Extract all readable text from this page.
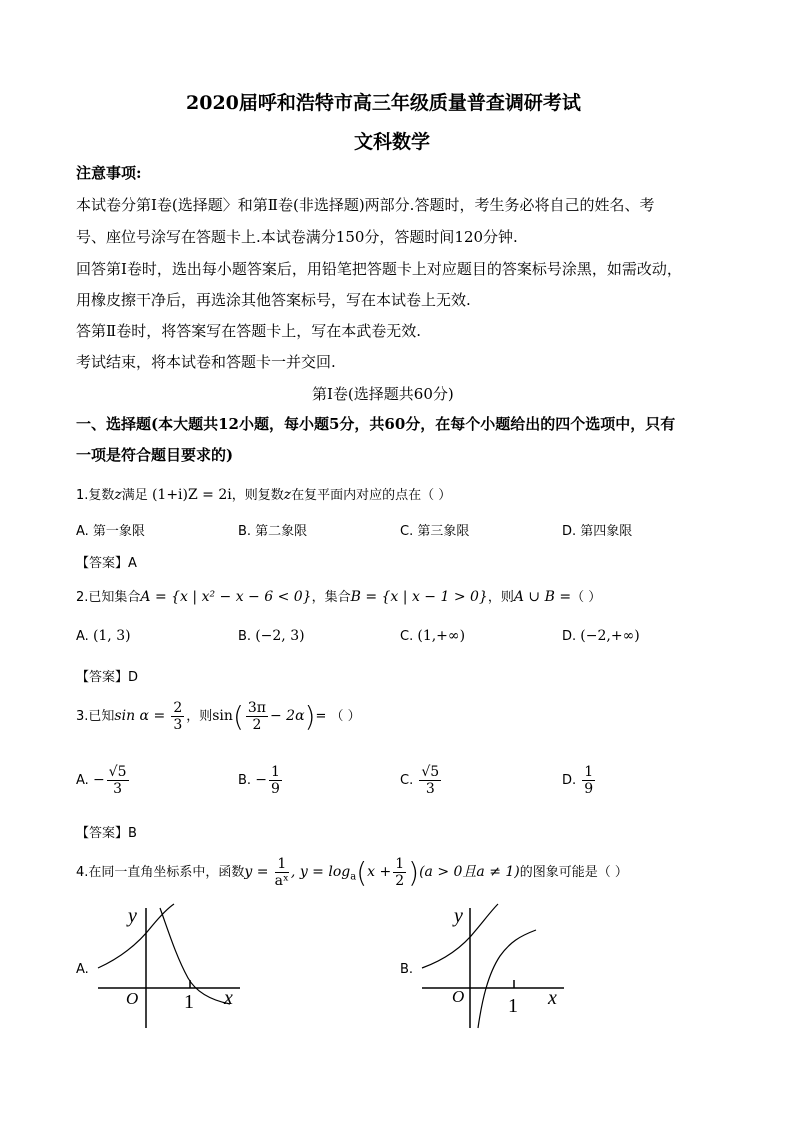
2020届呼和浩特市高三年级质量普查调研考试
文科数学
注意事项:
本试卷分第Ⅰ卷(选择题〉和第Ⅱ卷(非选择题)两部分.答题时，考生务必将自己的姓名、考
号、座位号涂写在答题卡上.本试卷满分150分，答题时间120分钟.
回答第Ⅰ卷时，选出每小题答案后，用铅笔把答题卡上对应题目的答案标号涂黑，如需改动，
用橡皮擦干净后，再选涂其他答案标号，写在本试卷上无效.
答第Ⅱ卷时，将答案写在答题卡上，写在本武卷无效.
考试结束，将本试卷和答题卡一并交回.
第Ⅰ卷(选择题共60分)
一、选择题(本大题共12小题，每小题5分，共60分，在每个小题给出的四个选项中，只有
一项是符合题目要求的)
1.复数z满足 (1+i)Z = 2i，则复数z在复平面内对应的点在（ ）
A. 第一象限	B. 第二象限	C. 第三象限	D. 第四象限
【答案】A
2.已知集合A = {x | x² − x − 6 < 0}，集合B = {x | x − 1 > 0}，则A ∪ B =（ ）
A. (1, 3)	B. (−2, 3)	C. (1,+∞)	D. (−2,+∞)
【答案】D
3.已知$\sin \alpha = \frac{2}{3}$ ，则$\sin( \frac{3\pi}{2} - 2\alpha)=$ （ ）
A. − $\frac{√5}{3}$	B. − $\frac{1}{9}$	C. $\frac{√5}{3}$	D. $\frac{1}{9}$
【答案】B
4.在同一直角坐标系中，函数$y = \frac{1}{\text{aˣ}}$ , $y = \log_a(x + \frac{1}{2} )(a > 0$且a ≠ 1)的图象可能是（ ）
A.
y
O 1 x
B.
y
O 1 x
